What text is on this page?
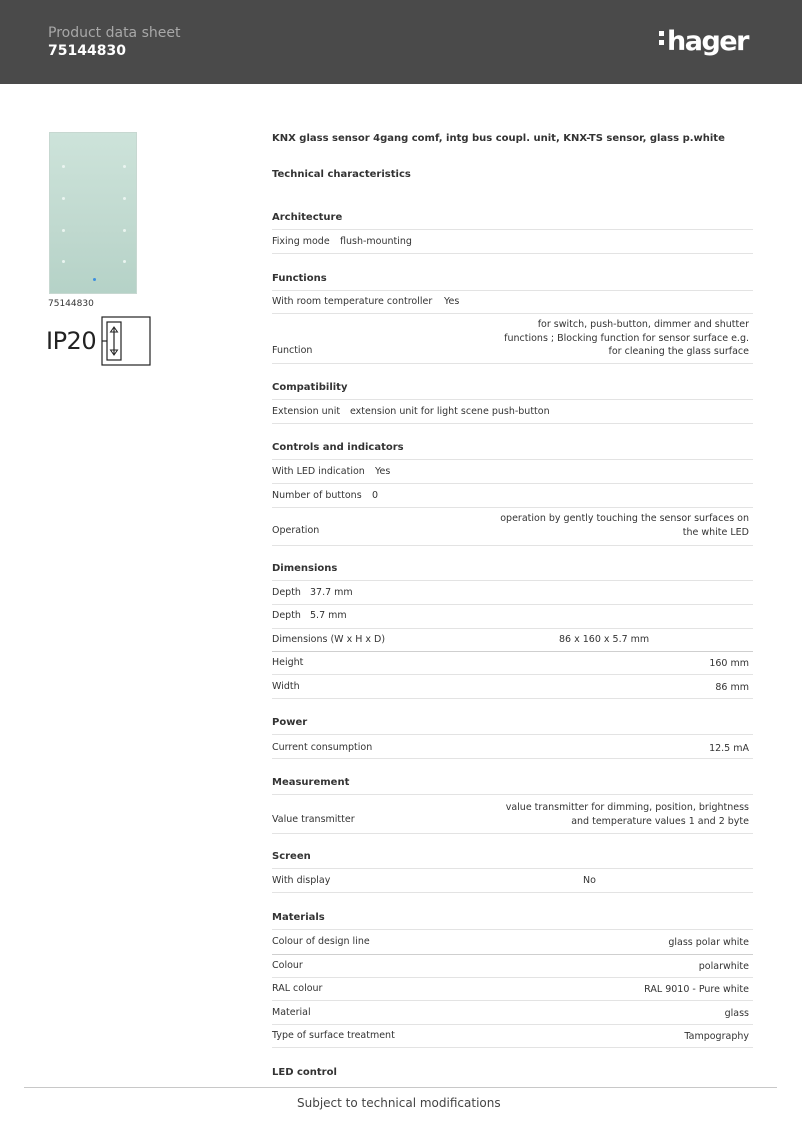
Product data sheet
75144830	hager
75144830
IP20
KNX glass sensor 4gang comf, intg bus coupl. unit, KNX-TS sensor, glass p.white
Technical characteristics
Architecture
Fixing mode flush-mounting
Functions
With room temperature controller Yes
Function
for switch, push-button, dimmer and shutter
functions ; Blocking function for sensor surface e.g.
for cleaning the glass surface
Compatibility
Extension unit extension unit for light scene push-button
Controls and indicators
With LED indication Yes
Number of buttons 0
Operation
operation by gently touching the sensor surfaces on
the white LED
Dimensions
Depth 37.7 mm
Depth 5.7 mm
Dimensions (W x H x D)	86 x 160 x 5.7 mm
Height	160 mm
Width	86 mm
Power
Current consumption	12.5 mA
Measurement
Value transmitter
value transmitter for dimming, position, brightness
and temperature values 1 and 2 byte
Screen
With display	No
Materials
Colour of design line	glass polar white
Colour	polarwhite
RAL colour	RAL 9010 - Pure white
Material	glass
Type of surface treatment	Tampography
LED control
Subject to technical modifications
